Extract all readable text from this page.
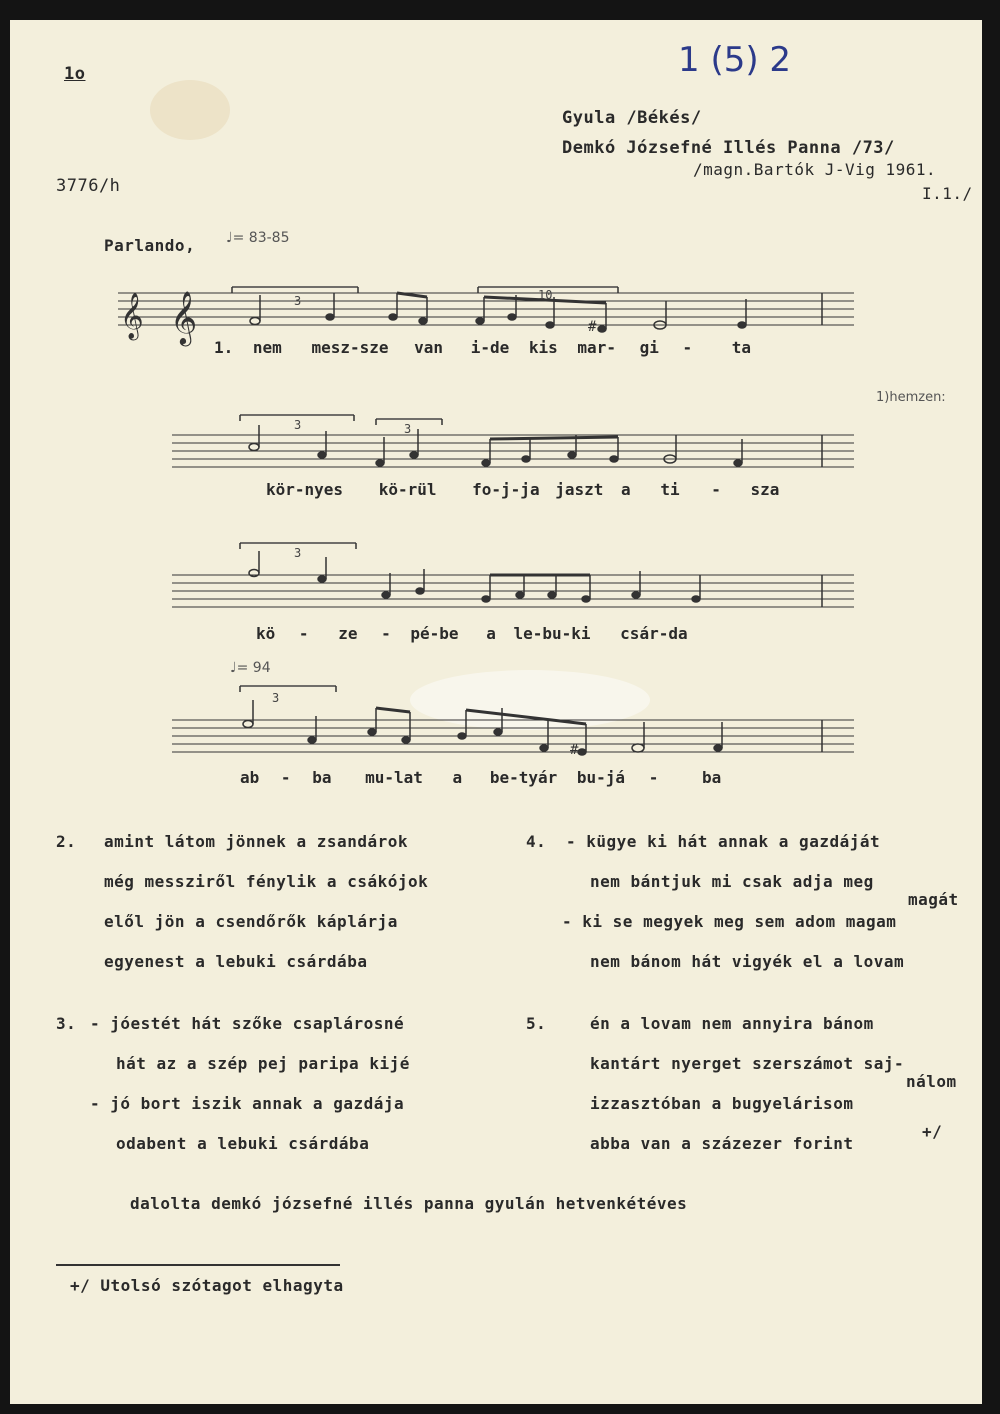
1o	1 (5) 2
Gyula /Békés/
Demkó Józsefné Illés Panna /73/
/magn.Bartók J-Vig 1961.
I.1./
3776/h
Parlando, ♩= 83-85
1)hemzen:
𝄞 𝄞	3	10
#
1. nem mesz-sze van i-de kis mar- gi - ta
3	3
kör-nyes kö-rül fo-j-ja jaszt a ti - sza
3
kö - ze - pé-be a le-bu-ki csár-da
♩= 94
3
#
ab - ba mu-lat a be-tyár bu-já -	ba
2. amint látom jönnek a zsandárok
még messziről fénylik a csákójok
elől jön a csendőrők káplárja
egyenest a lebuki csárdába
4. - kügye ki hát annak a gazdáját
nem bántjuk mi csak adja meg
magát
- ki se megyek meg sem adom magam
nem bánom hát vigyék el a lovam
3. - jóestét hát szőke csaplárosné
hát az a szép pej paripa kijé
- jó bort iszik annak a gazdája
odabent a lebuki csárdába
5.	én a lovam nem annyira bánom
kantárt nyerget szerszámot saj-
nálom
izzasztóban a bugyelárisom
abba van a százezer forint
+/
dalolta demkó józsefné illés panna gyulán hetvenkétéves
+/ Utolsó szótagot elhagyta
